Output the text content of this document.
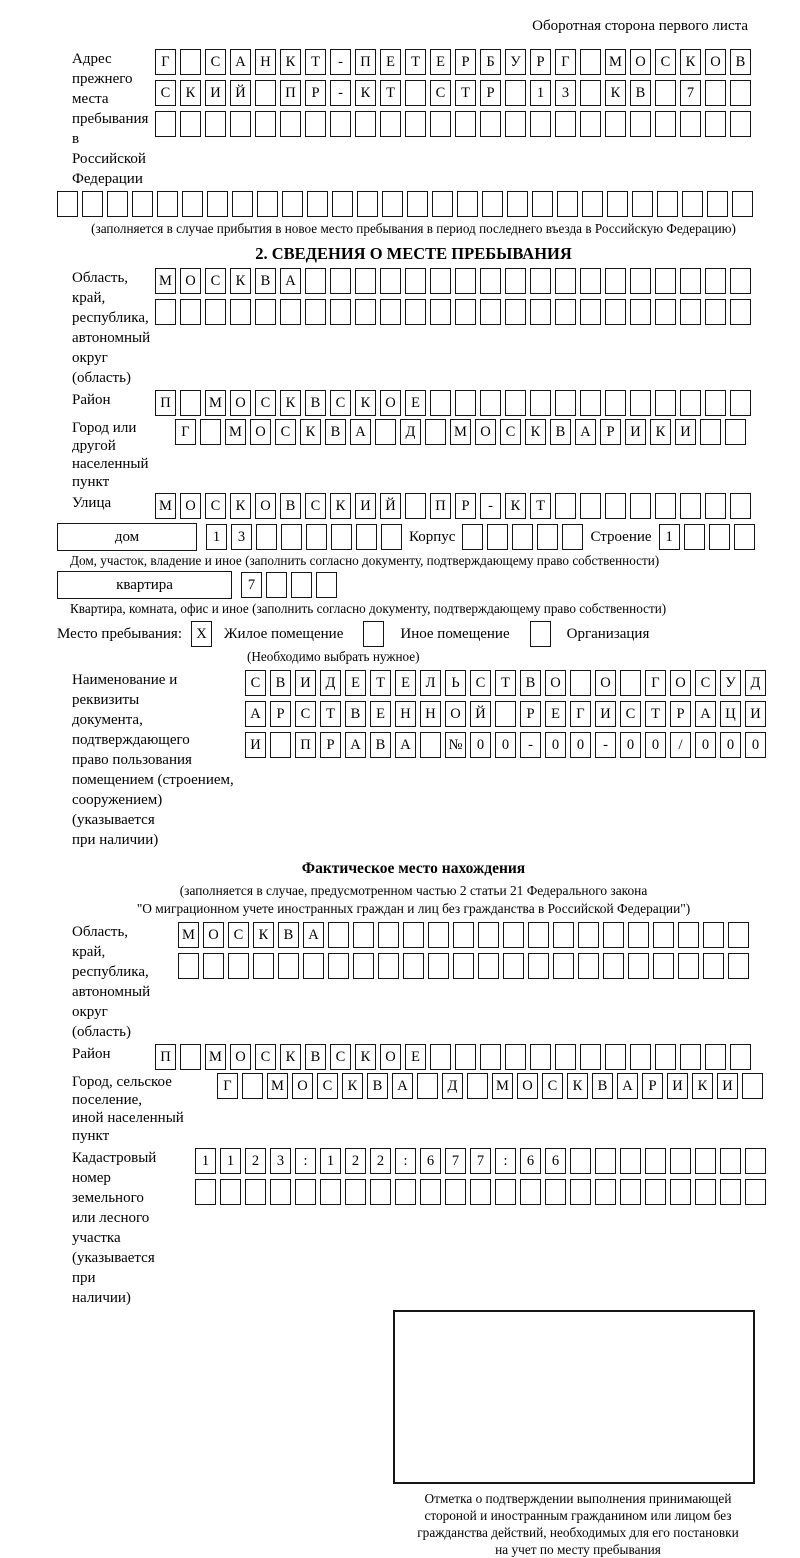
Оборотная сторона первого листа
Адрес прежнего
места пребывания
в Российской
Федерации
Г	С	А	Н	К	Т	-	П	Е	Т	Е	Р	Б	У	Р	Г	М О	С	К	О	В
С	К	И	Й	П	Р	-	К	Т	С	Т	Р	1	3	К	В	7
(заполняется в случае прибытия в новое место пребывания в период последнего въезда в Российскую Федерацию)
2. СВЕДЕНИЯ О МЕСТЕ ПРЕБЫВАНИЯ
Область, край,
республика,
автономный
округ (область)
М О	С	К	В	А
Район	П	М О	С	К	В	С	К	О	Е
Город или другой
населенный пункт
Г	М О	С	К	В	А	Д	М О	С	К	В	А	Р	И	К	И
Улица	М О	С	К	О	В	С	К	И	Й	П	Р	-	К	Т
дом	1	3	Корпус	Строение 1
Дом, участок, владение и иное (заполнить согласно документу, подтверждающему право собственности)
квартира	7
Квартира, комната, офис и иное (заполнить согласно документу, подтверждающему право собственности)
Место пребывания: X	Жилое помещение	Иное помещение	Организация
(Необходимо выбрать нужное)
Наименование и реквизиты
документа, подтверждающего
право пользования
помещением (строением,
сооружением) (указывается
при наличии)
С	В	И	Д	Е	Т	Е	Л	Ь	С	Т	В	О	О	Г	О	С	У	Д
А	Р	С	Т	В	Е	Н	Н	О	Й	Р	Е	Г	И	С	Т	Р	А	Ц	И
И	П	Р	А	В	А	№ 0	0	-	0	0	-	0	0	/	0	0	0
Фактическое место нахождения
(заполняется в случае, предусмотренном частью 2 статьи 21 Федерального закона
"О миграционном учете иностранных граждан и лиц без гражданства в Российской Федерации")
Область, край,
республика,
автономный округ
(область)
М О	С	К	В	А
Район	П	М О	С	К	В	С	К	О	Е
Город, сельское поселение,
иной населенный пункт
Г	М О	С	К	В	А	Д	М О	С	К	В	А	Р	И	К	И
Кадастровый номер
земельного или лесного
участка (указывается
при наличии)
1	1	2	3	:	1	2	2	:	6	7	7	:	6	6
Отметка о подтверждении выполнения принимающей
стороной и иностранным гражданином или лицом без
гражданства действий, необходимых для его постановки
на учет по месту пребывания
